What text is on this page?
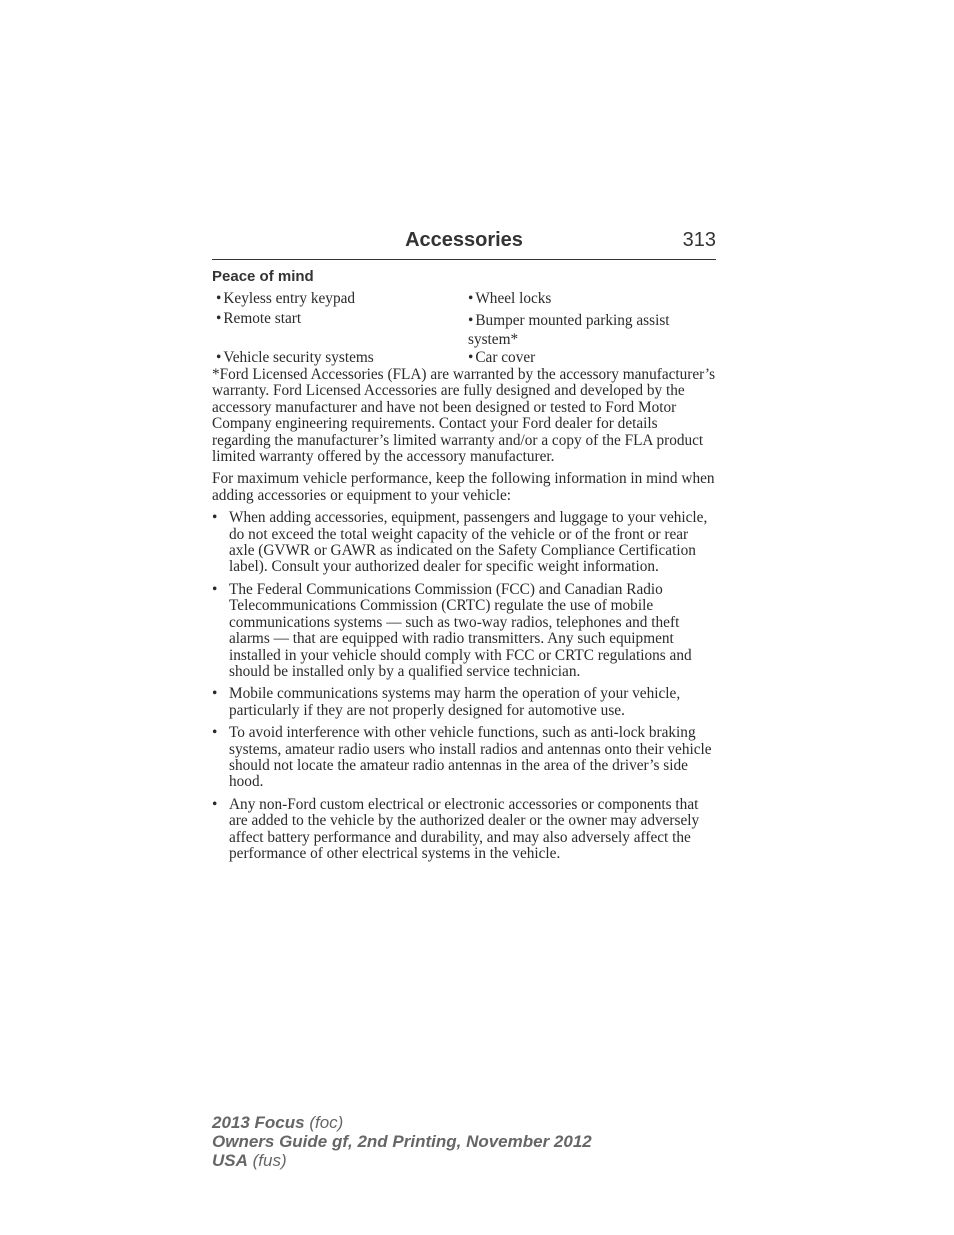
Accessories	313
Peace of mind
• Keyless entry keypad
• Remote start
• Vehicle security systems
• Wheel locks
• Bumper mounted parking assist system*
• Car cover

*Ford Licensed Accessories (FLA) are warranted by the accessory manufacturer’s warranty. Ford Licensed Accessories are fully designed and developed by the accessory manufacturer and have not been designed or tested to Ford Motor Company engineering requirements. Contact your Ford dealer for details regarding the manufacturer’s limited warranty and/or a copy of the FLA product limited warranty offered by the accessory manufacturer.

For maximum vehicle performance, keep the following information in mind when adding accessories or equipment to your vehicle:

• When adding accessories, equipment, passengers and luggage to your vehicle, do not exceed the total weight capacity of the vehicle or of the front or rear axle (GVWR or GAWR as indicated on the Safety Compliance Certification label). Consult your authorized dealer for specific weight information.
• The Federal Communications Commission (FCC) and Canadian Radio Telecommunications Commission (CRTC) regulate the use of mobile communications systems — such as two-way radios, telephones and theft alarms — that are equipped with radio transmitters. Any such equipment installed in your vehicle should comply with FCC or CRTC regulations and should be installed only by a qualified service technician.
• Mobile communications systems may harm the operation of your vehicle, particularly if they are not properly designed for automotive use.
• To avoid interference with other vehicle functions, such as anti-lock braking systems, amateur radio users who install radios and antennas onto their vehicle should not locate the amateur radio antennas in the area of the driver’s side hood.
• Any non-Ford custom electrical or electronic accessories or components that are added to the vehicle by the authorized dealer or the owner may adversely affect battery performance and durability, and may also adversely affect the performance of other electrical systems in the vehicle.
2013 Focus (foc)
Owners Guide gf, 2nd Printing, November 2012
USA (fus)
